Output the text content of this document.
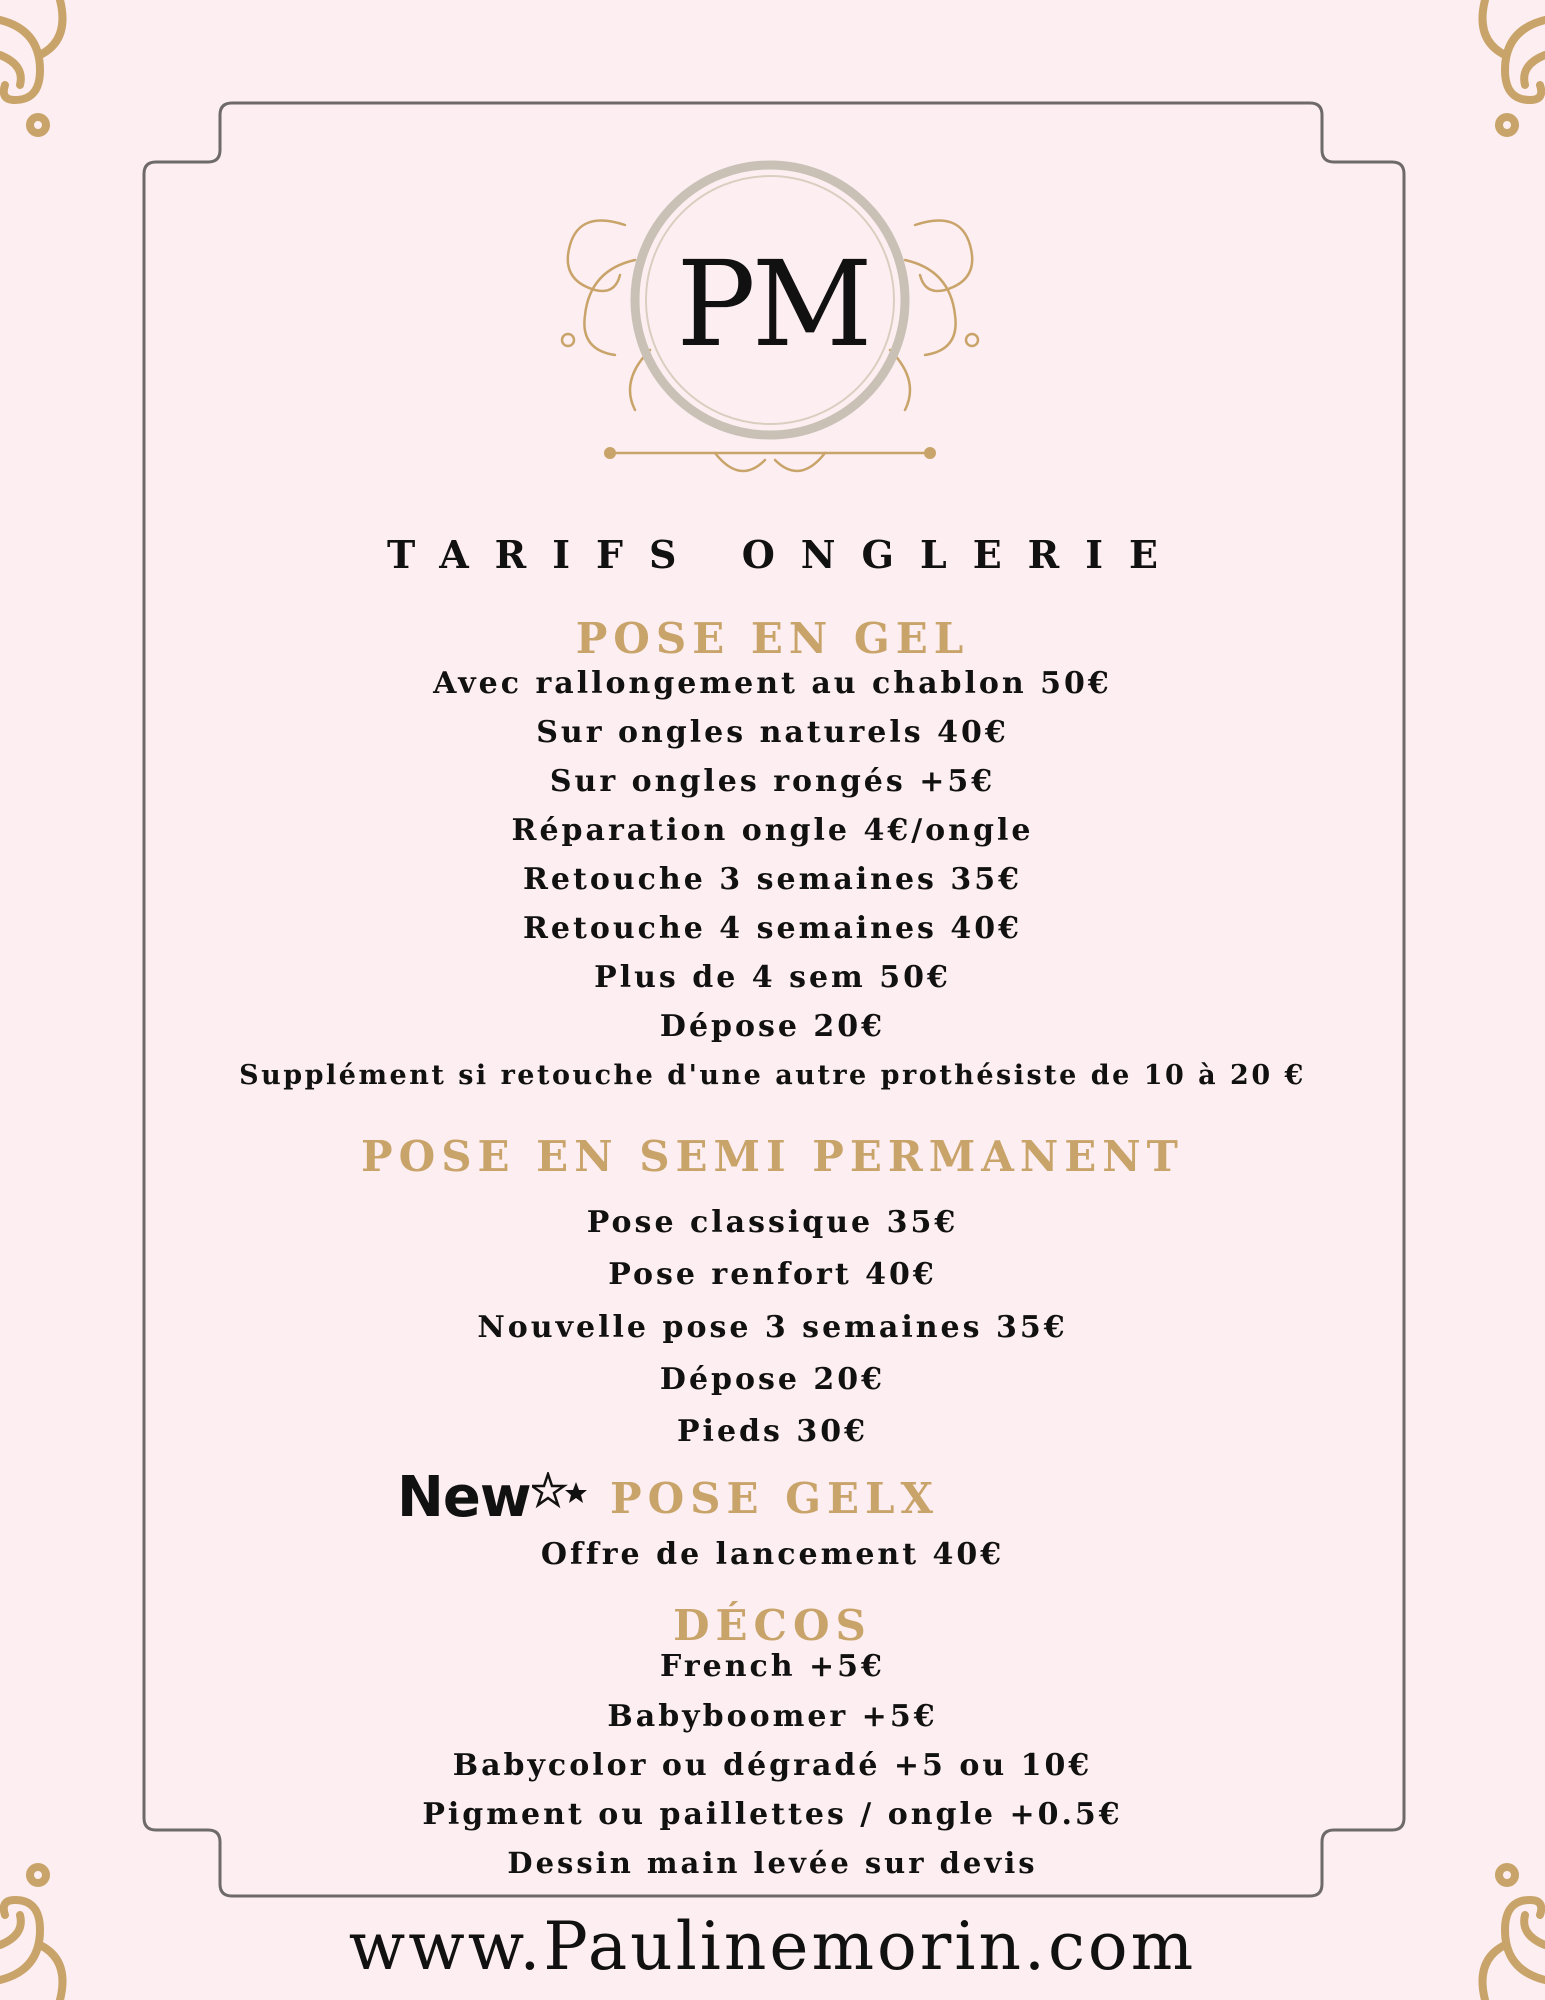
PM
TARIFS ONGLERIE
POSE EN GEL
Avec rallongement au chablon 50€
Sur ongles naturels 40€
Sur ongles rongés +5€
Réparation ongle 4€/ongle
Retouche 3 semaines 35€
Retouche 4 semaines 40€
Plus de 4 sem 50€
Dépose 20€
Supplément si retouche d'une autre prothésiste de 10 à 20 €
POSE EN SEMI PERMANENT
Pose classique 35€
Pose renfort 40€
Nouvelle pose 3 semaines 35€
Dépose 20€
Pieds 30€
New POSE GELX
Offre de lancement 40€
DÉCOS
French +5€
Babyboomer +5€
Babycolor ou dégradé +5 ou 10€
Pigment ou paillettes / ongle +0.5€
Dessin main levée sur devis
www.Paulinemorin.com
